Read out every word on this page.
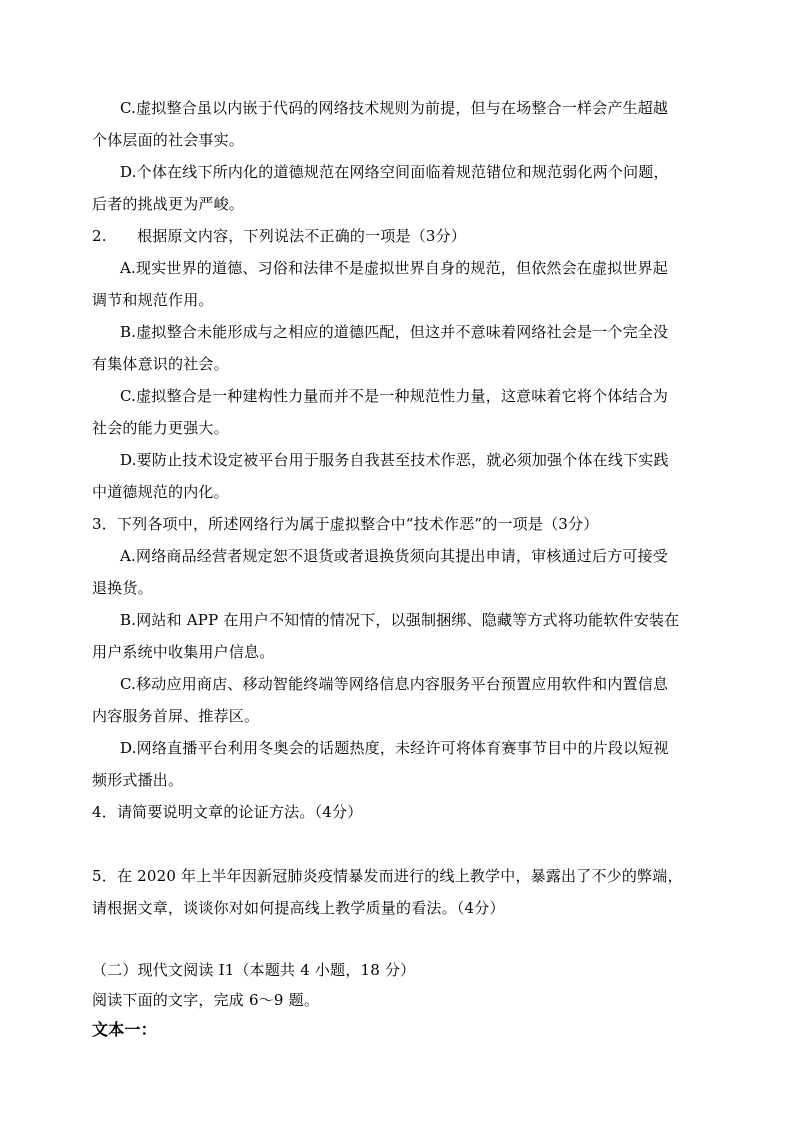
C.虚拟整合虽以内嵌于代码的网络技术规则为前提，但与在场整合一样会产生超越
个体层面的社会事实。
D.个体在线下所内化的道德规范在网络空间面临着规范错位和规范弱化两个问题，
后者的挑战更为严峻。
2.　　根据原文内容，下列说法不正确的一项是（3分）
A.现实世界的道德、习俗和法律不是虚拟世界自身的规范，但依然会在虚拟世界起
调节和规范作用。
B.虚拟整合未能形成与之相应的道德匹配，但这并不意味着网络社会是一个完全没
有集体意识的社会。
C.虚拟整合是一种建构性力量而并不是一种规范性力量，这意味着它将个体结合为
社会的能力更强大。
D.要防止技术设定被平台用于服务自我甚至技术作恶，就必须加强个体在线下实践
中道德规范的内化。
3．下列各项中，所述网络行为属于虚拟整合中“技术作恶”的一项是（3分）
A.网络商品经营者规定恕不退货或者退换货须向其提出申请，审核通过后方可接受
退换货。
B.网站和 APP 在用户不知情的情况下，以强制捆绑、隐藏等方式将功能软件安装在
用户系统中收集用户信息。
C.移动应用商店、移动智能终端等网络信息内容服务平台预置应用软件和内置信息
内容服务首屏、推荐区。
D.网络直播平台利用冬奥会的话题热度，未经许可将体育赛事节目中的片段以短视
频形式播出。
4．请简要说明文章的论证方法。（4分）
5．在 2020 年上半年因新冠肺炎疫情暴发而进行的线上教学中，暴露出了不少的弊端，
请根据文章，谈谈你对如何提高线上教学质量的看法。（4分）
（二）现代文阅读 I1（本题共 4 小题，18 分）
阅读下面的文字，完成 6～9 题。
文本一：
